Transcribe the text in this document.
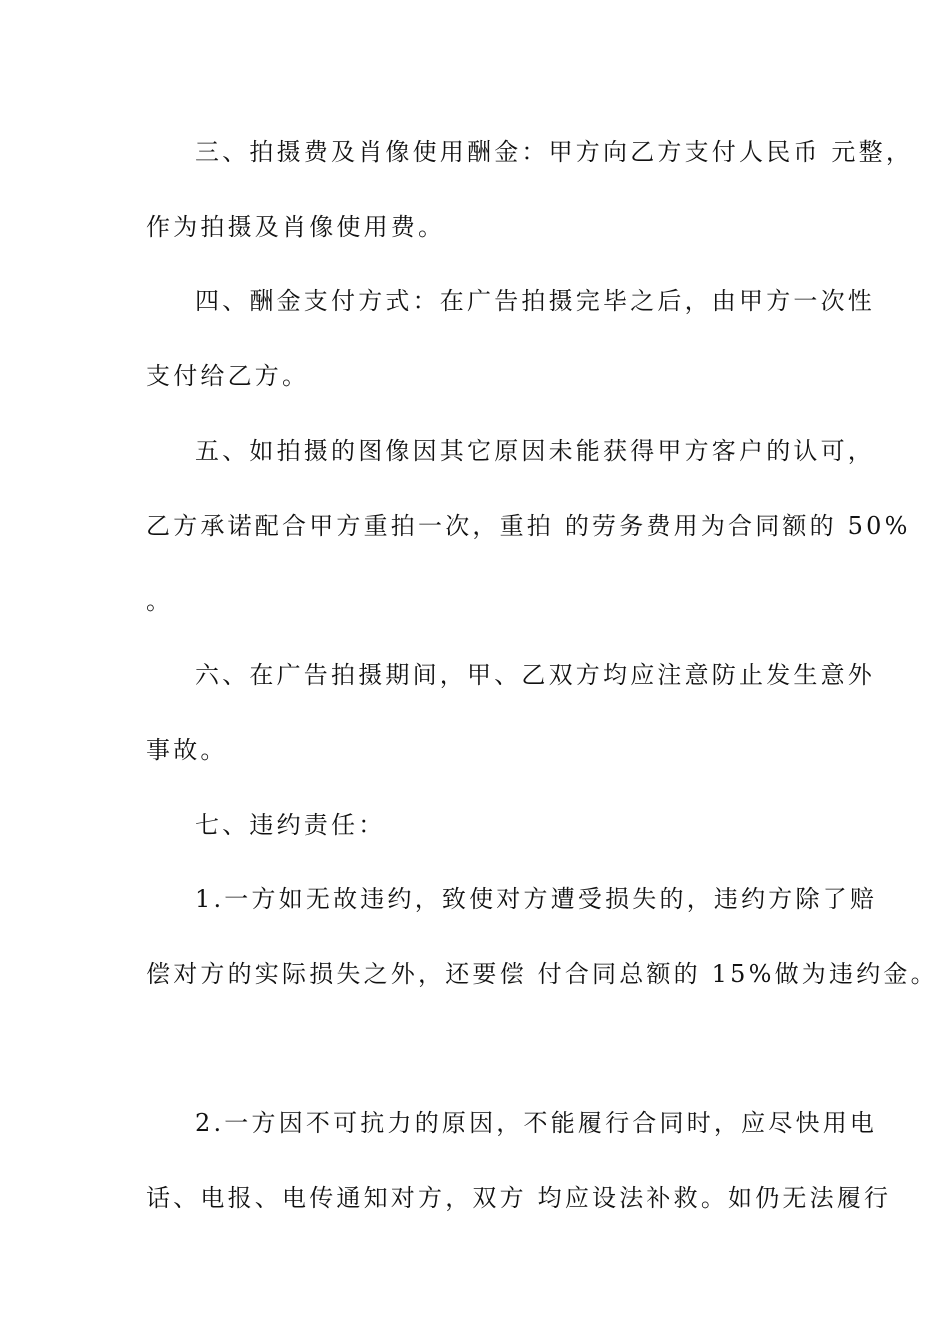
三、拍摄费及肖像使用酬金：甲方向乙方支付人民币 元整，
作为拍摄及肖像使用费。
四、酬金支付方式：在广告拍摄完毕之后，由甲方一次性
支付给乙方。
五、如拍摄的图像因其它原因未能获得甲方客户的认可，
乙方承诺配合甲方重拍一次，重拍 的劳务费用为合同额的 50%
。
六、在广告拍摄期间，甲、乙双方均应注意防止发生意外
事故。
七、违约责任：
1.一方如无故违约，致使对方遭受损失的，违约方除了赔
偿对方的实际损失之外，还要偿 付合同总额的 15%做为违约金。
2.一方因不可抗力的原因，不能履行合同时，应尽快用电
话、电报、电传通知对方，双方 均应设法补救。如仍无法履行
